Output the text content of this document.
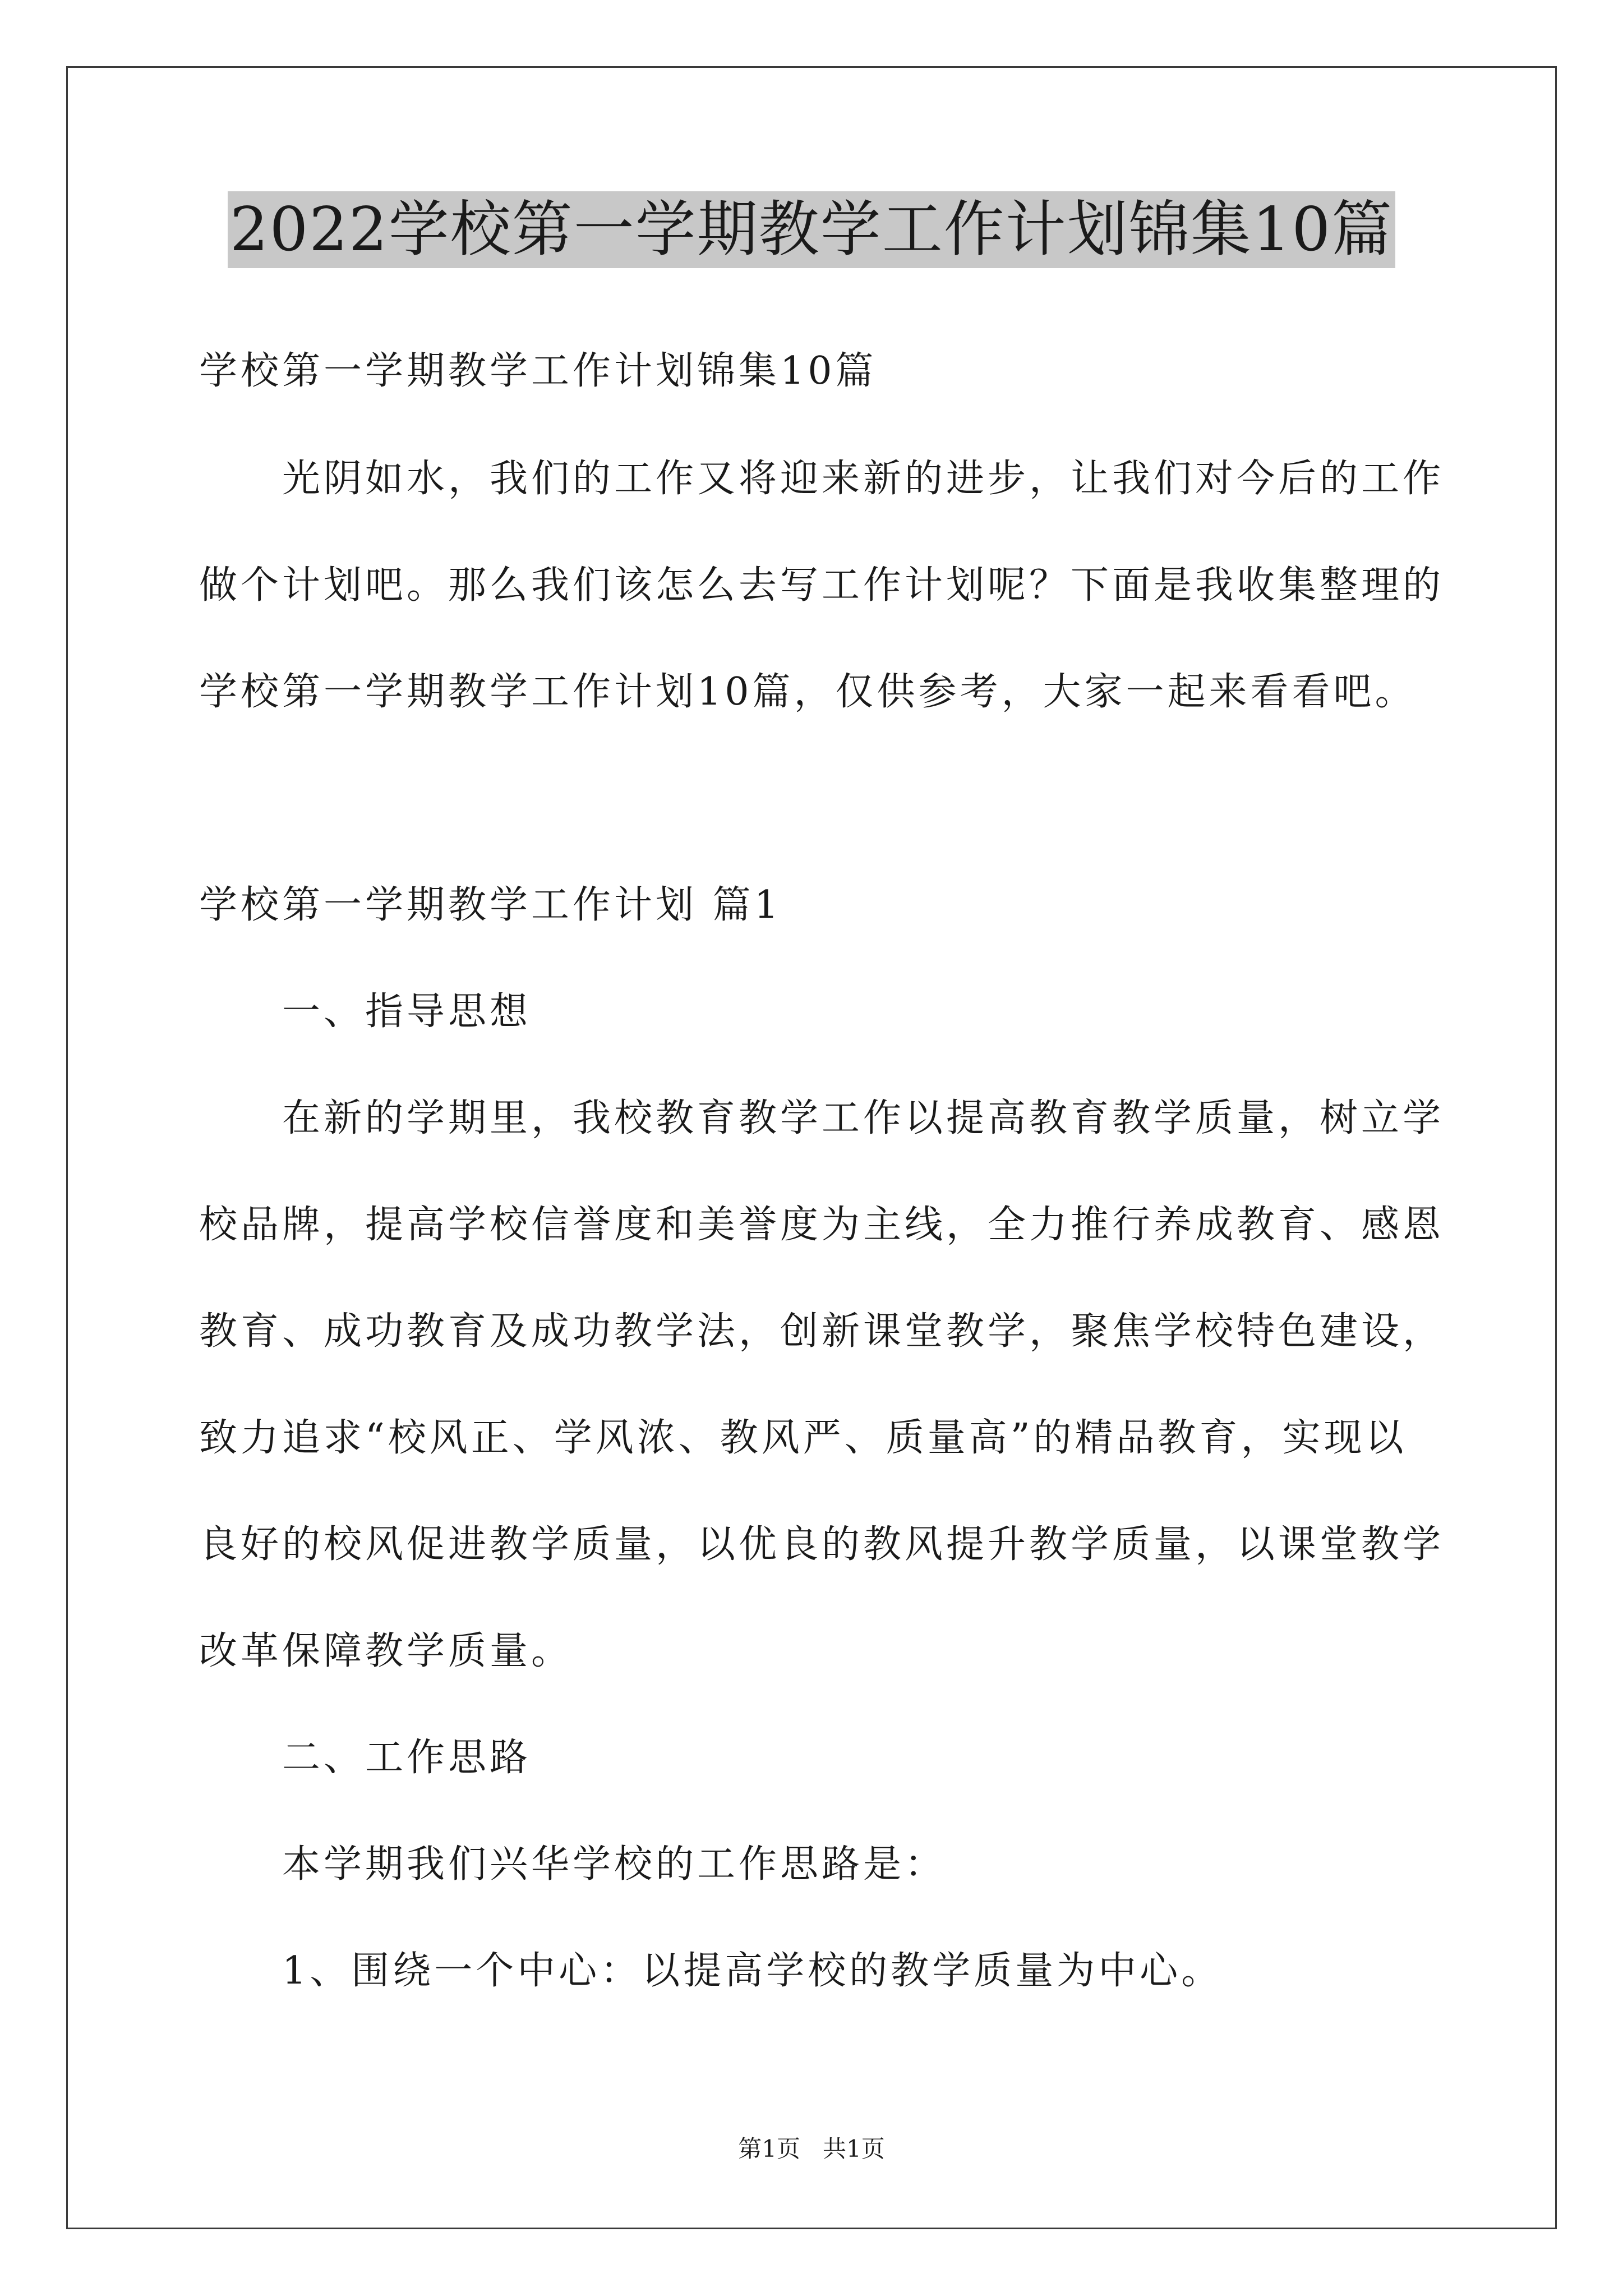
2022学校第一学期教学工作计划锦集10篇

学校第一学期教学工作计划锦集10篇

光阴如水，我们的工作又将迎来新的进步，让我们对今后的工作

做个计划吧。那么我们该怎么去写工作计划呢？下面是我收集整理的

学校第一学期教学工作计划10篇，仅供参考，大家一起来看看吧。

学校第一学期教学工作计划 篇1

一、指导思想

在新的学期里，我校教育教学工作以提高教育教学质量，树立学

校品牌，提高学校信誉度和美誉度为主线，全力推行养成教育、感恩

教育、成功教育及成功教学法，创新课堂教学，聚焦学校特色建设，

致力追求“校风正、学风浓、教风严、质量高”的精品教育，实现以

良好的校风促进教学质量，以优良的教风提升教学质量，以课堂教学

改革保障教学质量。

二、工作思路

本学期我们兴华学校的工作思路是：

1、围绕一个中心：以提高学校的教学质量为中心。

第1页   共1页
